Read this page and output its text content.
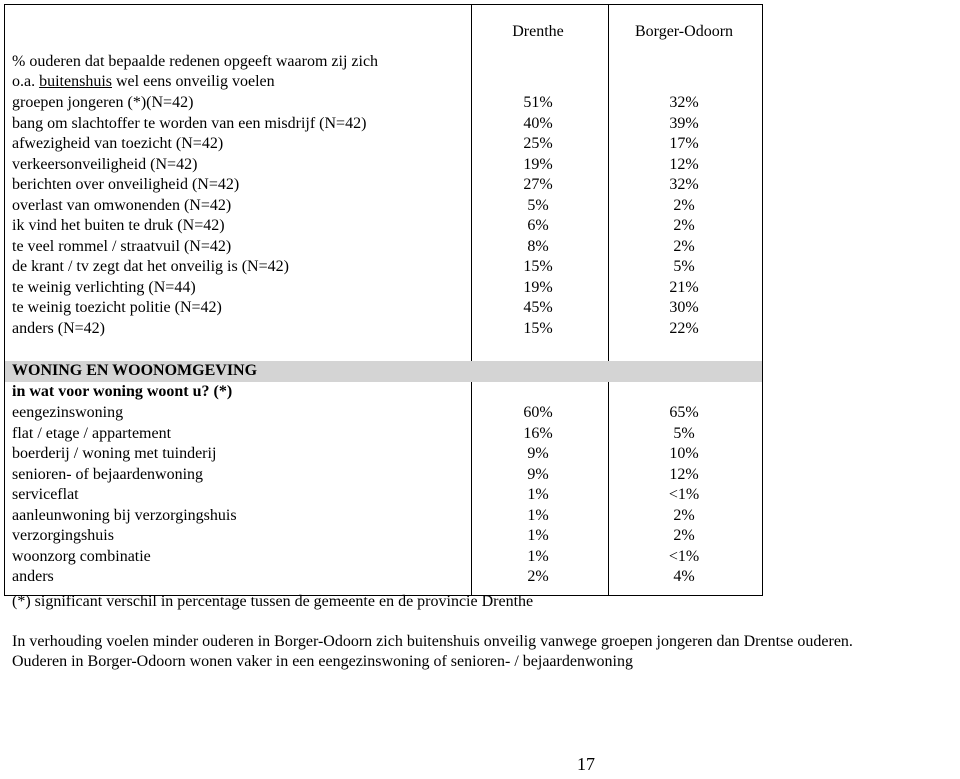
Drenthe	Borger-Odoorn
% ouderen dat bepaalde redenen opgeeft waarom zij zich
o.a. buitenshuis wel eens onveilig voelen
groepen jongeren (*)(N=42)	51%	32%
bang om slachtoffer te worden van een misdrijf (N=42)	40%	39%
afwezigheid van toezicht (N=42)	25%	17%
verkeersonveiligheid (N=42)	19%	12%
berichten over onveiligheid (N=42)	27%	32%
overlast van omwonenden (N=42)	5%	2%
ik vind het buiten te druk (N=42)	6%	2%
te veel rommel / straatvuil (N=42)	8%	2%
de krant / tv zegt dat het onveilig is (N=42)	15%	5%
te weinig verlichting (N=44)	19%	21%
te weinig toezicht politie (N=42)	45%	30%
anders (N=42)	15%	22%
WONING EN WOONOMGEVING
in wat voor woning woont u? (*)
eengezinswoning	60%	65%
flat / etage / appartement	16%	5%
boerderij / woning met tuinderij	9%	10%
senioren- of bejaardenwoning	9%	12%
serviceflat	1%	<1%
aanleunwoning bij verzorgingshuis	1%	2%
verzorgingshuis	1%	2%
woonzorg combinatie	1%	<1%
anders	2%	4%
(*) significant verschil in percentage tussen de gemeente en de provincie Drenthe
In verhouding voelen minder ouderen in Borger-Odoorn zich buitenshuis onveilig vanwege groepen jongeren dan Drentse ouderen.
Ouderen in Borger-Odoorn wonen vaker in een eengezinswoning of senioren- / bejaardenwoning
17
